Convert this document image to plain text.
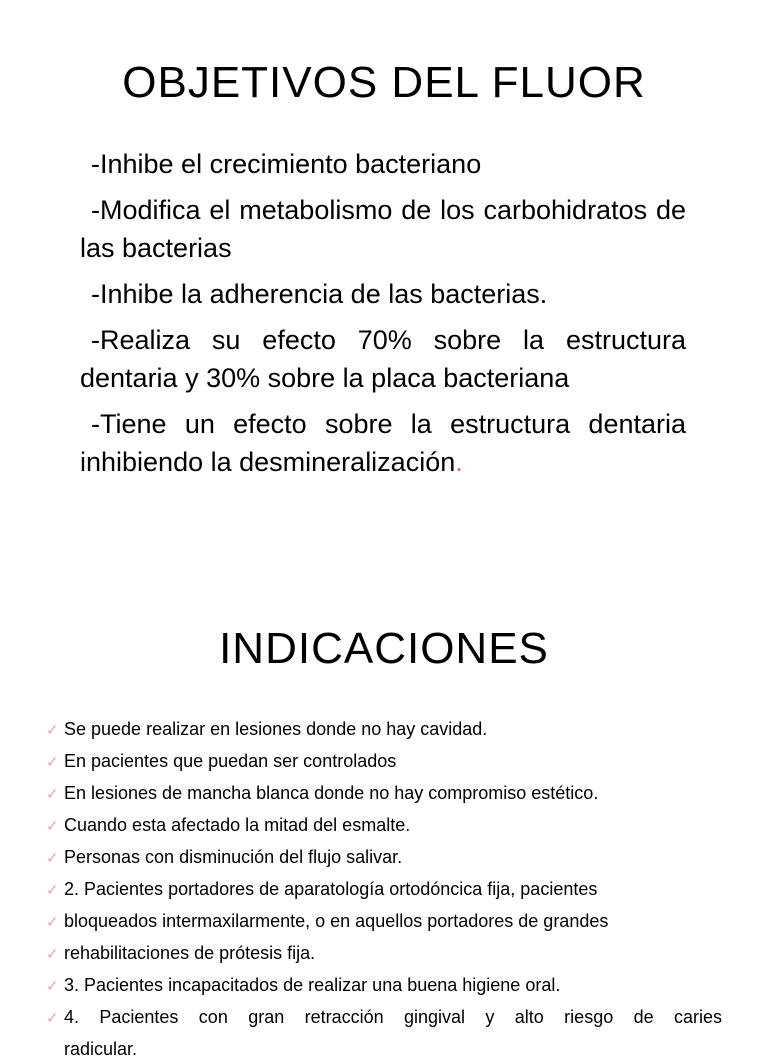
OBJETIVOS DEL FLUOR

-Inhibe el crecimiento bacteriano

-Modifica el metabolismo de los carbohidratos de las bacterias

-Inhibe la adherencia de las bacterias.

-Realiza su efecto 70% sobre la estructura dentaria y 30% sobre la placa bacteriana

-Tiene un efecto sobre la estructura dentaria inhibiendo la desmineralización.

INDICACIONES
✓ Se puede realizar en lesiones donde no hay cavidad.
✓ En pacientes que puedan ser controlados
✓ En lesiones de mancha blanca donde no hay compromiso estético.
✓ Cuando esta afectado la mitad del esmalte.
✓ Personas con disminución del flujo salivar.
✓ 2. Pacientes portadores de aparatología ortodóncica fija, pacientes
✓ bloqueados intermaxilarmente, o en aquellos portadores de grandes
✓ rehabilitaciones de prótesis fija.
✓ 3. Pacientes incapacitados de realizar una buena higiene oral.
✓ 4. Pacientes con gran retracción gingival y alto riesgo de caries
radicular.
